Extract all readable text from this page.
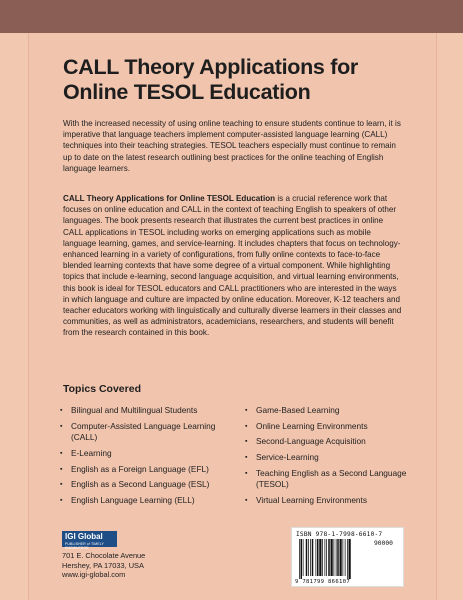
CALL Theory Applications for
Online TESOL Education

With the increased necessity of using online teaching to ensure students continue to learn, it is imperative that language teachers implement computer-assisted language learning (CALL) techniques into their teaching strategies. TESOL teachers especially must continue to remain up to date on the latest research outlining best practices for the online teaching of English language learners.

CALL Theory Applications for Online TESOL Education is a crucial reference work that focuses on online education and CALL in the context of teaching English to speakers of other languages. The book presents research that illustrates the current best practices in online CALL applications in TESOL including works on emerging applications such as mobile language learning, games, and service-learning. It includes chapters that focus on technology-enhanced learning in a variety of configurations, from fully online contexts to face-to-face blended learning contexts that have some degree of a virtual component. While highlighting topics that include e-learning, second language acquisition, and virtual learning environments, this book is ideal for TESOL educators and CALL practitioners who are interested in the ways in which language and culture are impacted by online education. Moreover, K-12 teachers and teacher educators working with linguistically and culturally diverse learners in their classes and communities, as well as administrators, academicians, researchers, and students will benefit from the research contained in this book.

Topics Covered
▪ Bilingual and Multilingual Students
▪ Computer-Assisted Language Learning (CALL)
▪ E-Learning
▪ English as a Foreign Language (EFL)
▪ English as a Second Language (ESL)
▪ English Language Learning (ELL)
▪ Game-Based Learning
▪ Online Learning Environments
▪ Second-Language Acquisition
▪ Service-Learning
▪ Teaching English as a Second Language (TESOL)
▪ Virtual Learning Environments
IGI Global
PUBLISHER of TIMELY KNOWLEDGE
701 E. Chocolate Avenue
Hershey, PA 17033, USA
www.igi-global.com
ISBN 978-1-7998-6610-7
90000
9 781799 866107
